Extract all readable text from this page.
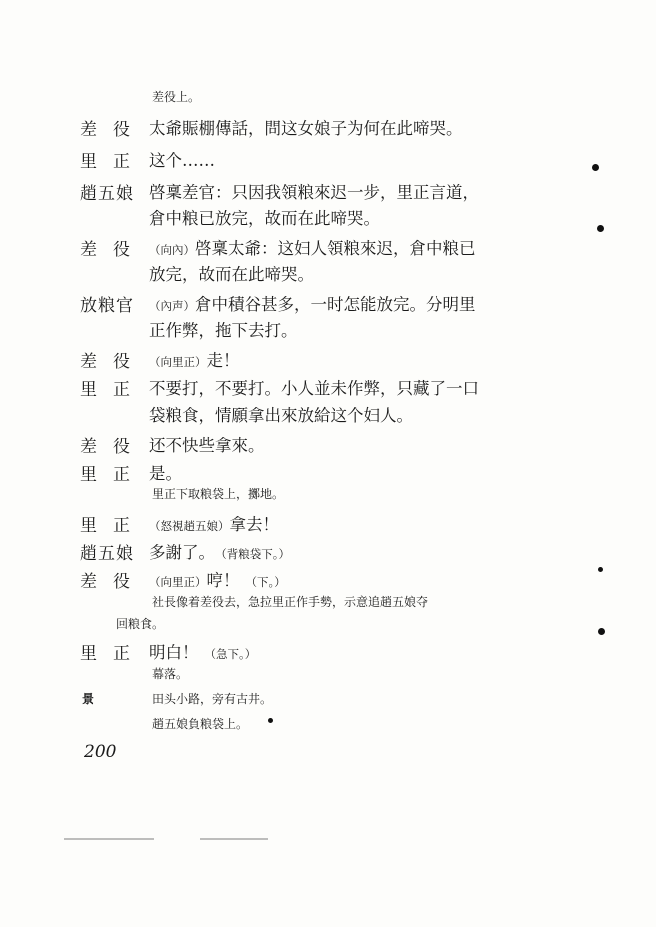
差役上。
差役 太爺賑棚傳話，問这女娘子为何在此啼哭。
里正 这个……
趙五娘 啓稟差官：只因我領粮來迟一步，里正言道，
倉中粮已放完，故而在此啼哭。
差役 （向內）啓稟太爺：这妇人領粮來迟，倉中粮已
放完，故而在此啼哭。
放粮官 （內声）倉中積谷甚多，一时怎能放完。分明里
正作弊，拖下去打。
差役 （向里正）走！
里正 不要打，不要打。小人並未作弊，只藏了一口
袋粮食，情願拿出來放給这个妇人。
差役 还不快些拿來。
里正 是。
里正下取粮袋上，擲地。
里正 （怒視趙五娘）拿去！
趙五娘 多謝了。 （背粮袋下。）
差役 （向里正）哼！ （下。）
社長像着差役去，急拉里正作手勢，示意追趙五娘夺
回粮食。
里正 明白！ （急下。）
幕落。
景	田头小路，旁有古井。
趙五娘負粮袋上。
200
